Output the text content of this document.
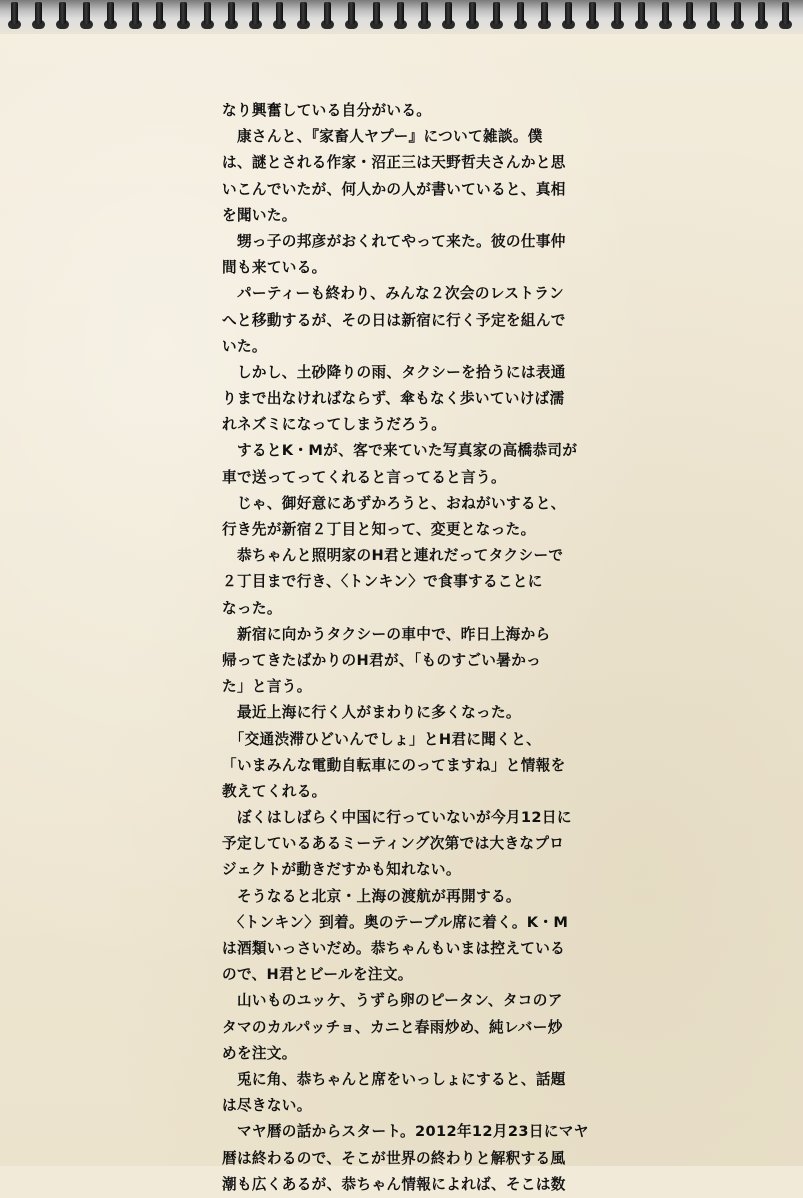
なり興奮している自分がいる。
　康さんと、『家畜人ヤプー』について雑談。僕
は、謎とされる作家・沼正三は天野哲夫さんかと思
いこんでいたが、何人かの人が書いていると、真相
を聞いた。
　甥っ子の邦彦がおくれてやって来た。彼の仕事仲
間も来ている。
　パーティーも終わり、みんな２次会のレストラン
へと移動するが、その日は新宿に行く予定を組んで
いた。
　しかし、土砂降りの雨、タクシーを拾うには表通
りまで出なければならず、傘もなく歩いていけば濡
れネズミになってしまうだろう。
　するとK・Mが、客で来ていた写真家の高橋恭司が
車で送ってってくれると言ってると言う。
　じゃ、御好意にあずかろうと、おねがいすると、
行き先が新宿２丁目と知って、変更となった。
　恭ちゃんと照明家のH君と連れだってタクシーで
２丁目まで行き、〈トンキン〉で食事することに
なった。
　新宿に向かうタクシーの車中で、昨日上海から
帰ってきたばかりのH君が、「ものすごい暑かっ
た」と言う。
　最近上海に行く人がまわりに多くなった。
　「交通渋滞ひどいんでしょ」とH君に聞くと、
「いまみんな電動自転車にのってますね」と情報を
教えてくれる。
　ぼくはしばらく中国に行っていないが今月12日に
予定しているあるミーティング次第では大きなプロ
ジェクトが動きだすかも知れない。
　そうなると北京・上海の渡航が再開する。
　〈トンキン〉到着。奥のテーブル席に着く。K・M
は酒類いっさいだめ。恭ちゃんもいまは控えている
ので、H君とビールを注文。
　山いものユッケ、うずら卵のピータン、タコのア
タマのカルパッチョ、カニと春雨炒め、純レバー炒
めを注文。
　兎に角、恭ちゃんと席をいっしょにすると、話題
は尽きない。
　マヤ暦の話からスタート。2012年12月23日にマヤ
暦は終わるので、そこが世界の終わりと解釈する風
潮も広くあるが、恭ちゃん情報によれば、そこは数
